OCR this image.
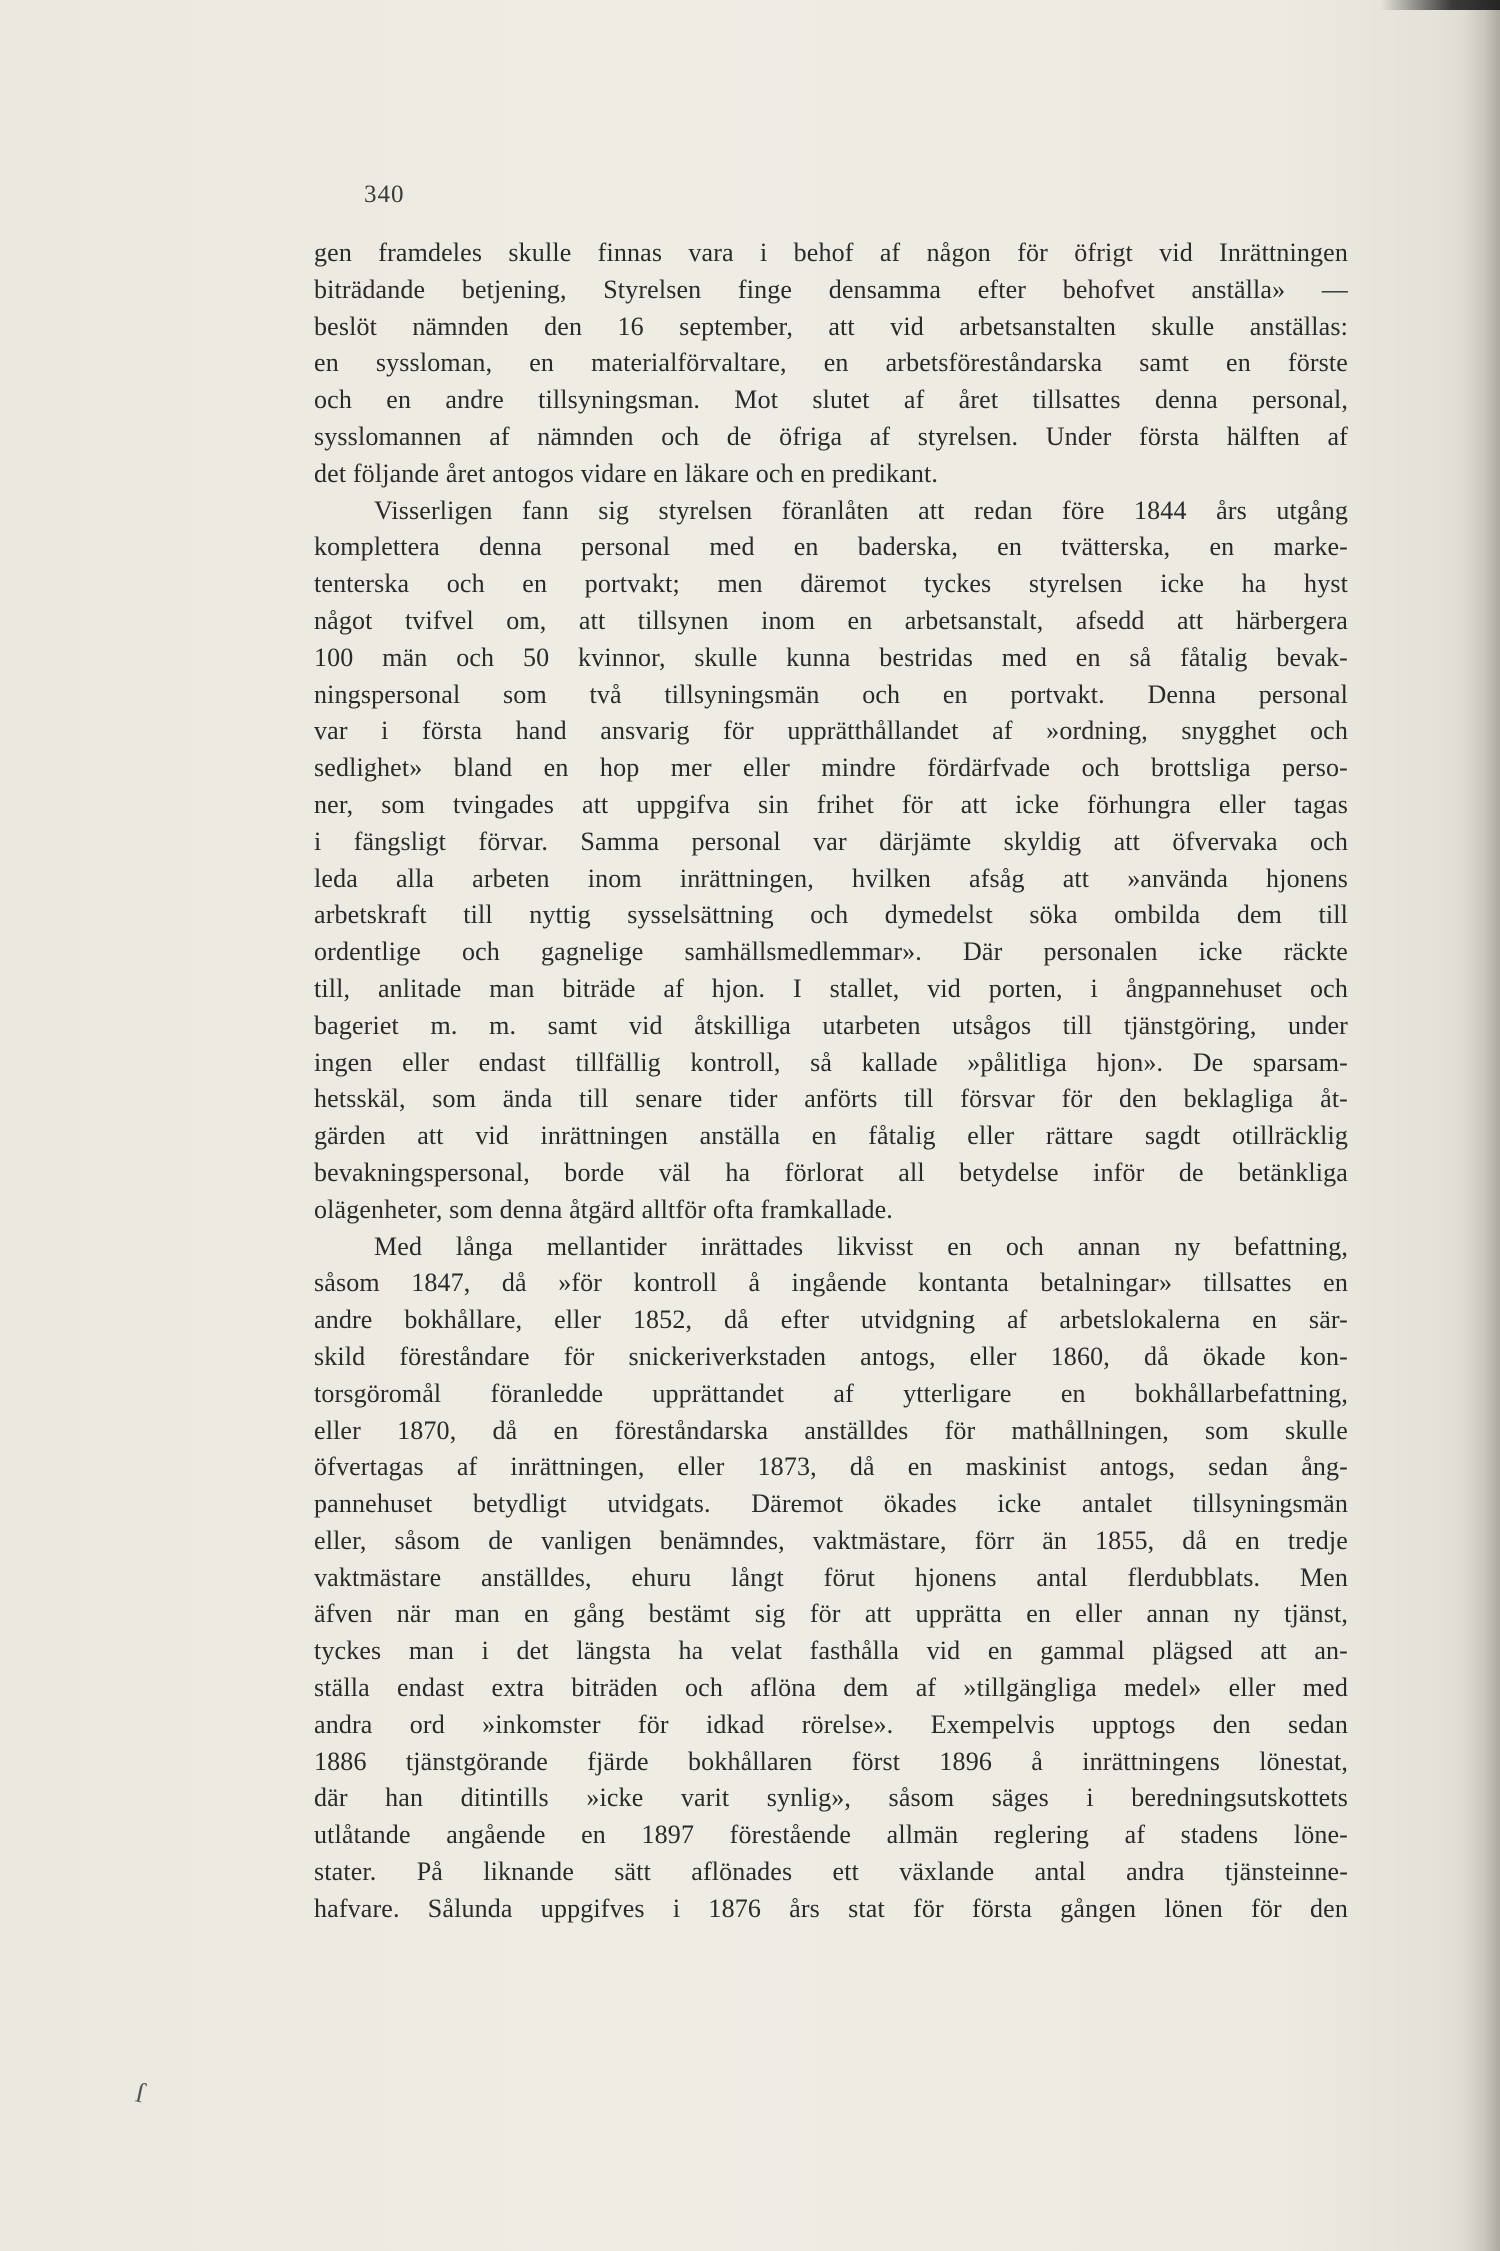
340
gen framdeles skulle finnas vara i behof af någon för öfrigt vid Inrättningen
biträdande betjening, Styrelsen finge densamma efter behofvet anställa» —
beslöt nämnden den 16 september, att vid arbetsanstalten skulle anställas:
en syssloman, en materialförvaltare, en arbetsföreståndarska samt en förste
och en andre tillsyningsman. Mot slutet af året tillsattes denna personal,
sysslomannen af nämnden och de öfriga af styrelsen. Under första hälften af
det följande året antogos vidare en läkare och en predikant.
Visserligen fann sig styrelsen föranlåten att redan före 1844 års utgång
komplettera denna personal med en baderska, en tvätterska, en marke-
tenterska och en portvakt; men däremot tyckes styrelsen icke ha hyst
något tvifvel om, att tillsynen inom en arbetsanstalt, afsedd att härbergera
100 män och 50 kvinnor, skulle kunna bestridas med en så fåtalig bevak-
ningspersonal som två tillsyningsmän och en portvakt. Denna personal
var i första hand ansvarig för upprätthållandet af »ordning, snygghet och
sedlighet» bland en hop mer eller mindre fördärfvade och brottsliga perso-
ner, som tvingades att uppgifva sin frihet för att icke förhungra eller tagas
i fängsligt förvar. Samma personal var därjämte skyldig att öfvervaka och
leda alla arbeten inom inrättningen, hvilken afsåg att »använda hjonens
arbetskraft till nyttig sysselsättning och dymedelst söka ombilda dem till
ordentlige och gagnelige samhällsmedlemmar». Där personalen icke räckte
till, anlitade man biträde af hjon. I stallet, vid porten, i ångpannehuset och
bageriet m. m. samt vid åtskilliga utarbeten utsågos till tjänstgöring, under
ingen eller endast tillfällig kontroll, så kallade »pålitliga hjon». De sparsam-
hetsskäl, som ända till senare tider anförts till försvar för den beklagliga åt-
gärden att vid inrättningen anställa en fåtalig eller rättare sagdt otillräcklig
bevakningspersonal, borde väl ha förlorat all betydelse inför de betänkliga
olägenheter, som denna åtgärd alltför ofta framkallade.
Med långa mellantider inrättades likvisst en och annan ny befattning,
såsom 1847, då »för kontroll å ingående kontanta betalningar» tillsattes en
andre bokhållare, eller 1852, då efter utvidgning af arbetslokalerna en sär-
skild föreståndare för snickeriverkstaden antogs, eller 1860, då ökade kon-
torsgöromål föranledde upprättandet af ytterligare en bokhållarbefattning,
eller 1870, då en föreståndarska anställdes för mathållningen, som skulle
öfvertagas af inrättningen, eller 1873, då en maskinist antogs, sedan ång-
pannehuset betydligt utvidgats. Däremot ökades icke antalet tillsyningsmän
eller, såsom de vanligen benämndes, vaktmästare, förr än 1855, då en tredje
vaktmästare anställdes, ehuru långt förut hjonens antal flerdubblats. Men
äfven när man en gång bestämt sig för att upprätta en eller annan ny tjänst,
tyckes man i det längsta ha velat fasthålla vid en gammal plägsed att an-
ställa endast extra biträden och aflöna dem af »tillgängliga medel» eller med
andra ord »inkomster för idkad rörelse». Exempelvis upptogs den sedan
1886 tjänstgörande fjärde bokhållaren först 1896 å inrättningens lönestat,
där han ditintills »icke varit synlig», såsom säges i beredningsutskottets
utlåtande angående en 1897 förestående allmän reglering af stadens löne-
stater. På liknande sätt aflönades ett växlande antal andra tjänsteinne-
hafvare. Sålunda uppgifves i 1876 års stat för första gången lönen för den
ſ
